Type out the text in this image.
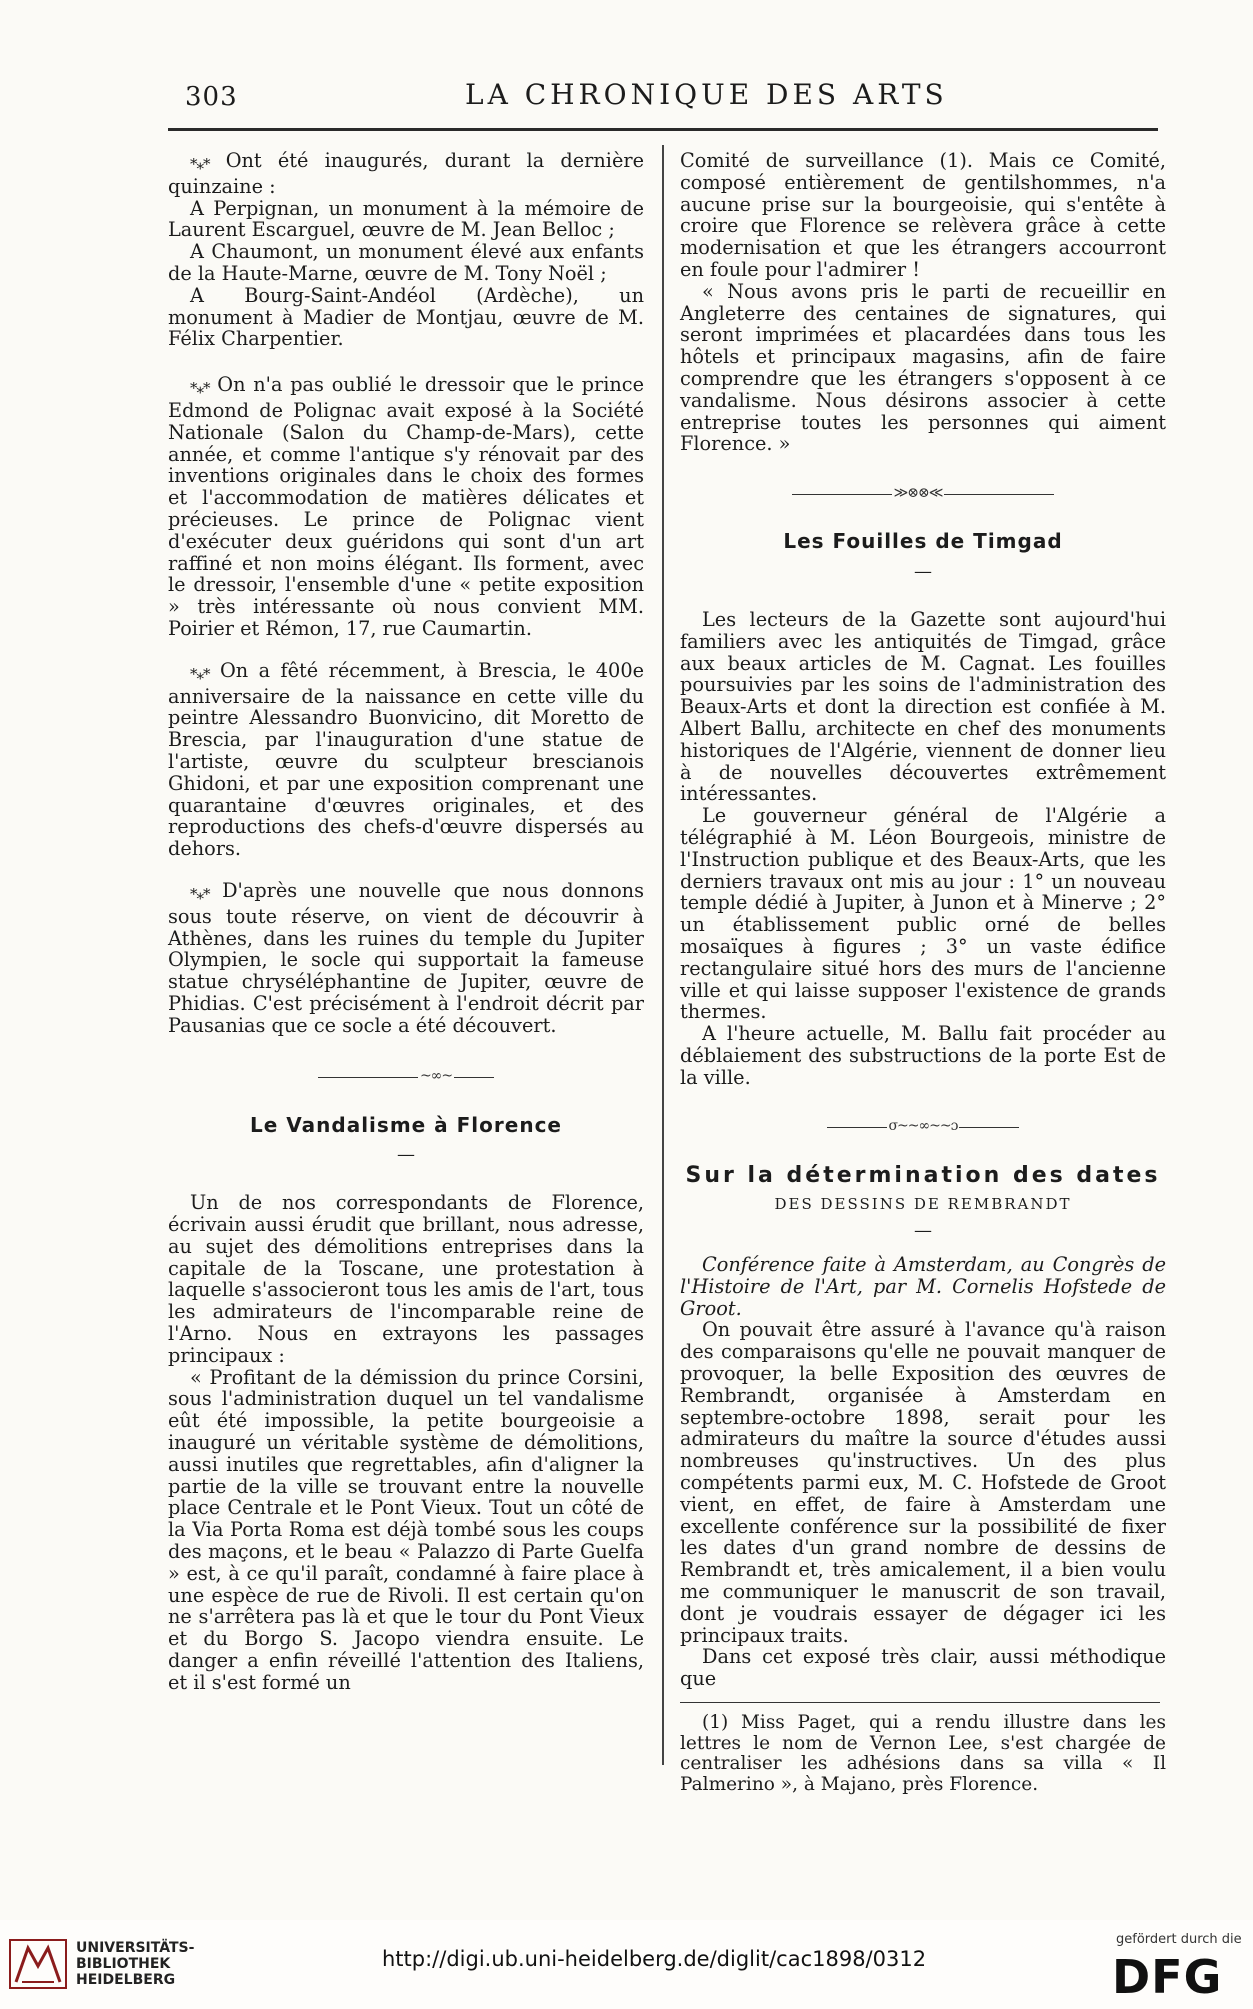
303	LA CHRONIQUE DES ARTS

*⁎* Ont été inaugurés, durant la dernière quinzaine :

A Perpignan, un monument à la mémoire de Laurent Escarguel, œuvre de M. Jean Belloc ;

A Chaumont, un monument élevé aux enfants de la Haute-Marne, œuvre de M. Tony Noël ;

A Bourg-Saint-Andéol (Ardèche), un monument à Madier de Montjau, œuvre de M. Félix Charpentier.

*⁎* On n'a pas oublié le dressoir que le prince Edmond de Polignac avait exposé à la Société Nationale (Salon du Champ-de-Mars), cette année, et comme l'antique s'y rénovait par des inventions originales dans le choix des formes et l'accommodation de matières délicates et précieuses. Le prince de Polignac vient d'exécuter deux guéridons qui sont d'un art raffiné et non moins élégant. Ils forment, avec le dressoir, l'ensemble d'une « petite exposition » très intéressante où nous convient MM. Poirier et Rémon, 17, rue Caumartin.

*⁎* On a fêté récemment, à Brescia, le 400e anniversaire de la naissance en cette ville du peintre Alessandro Buonvicino, dit Moretto de Brescia, par l'inauguration d'une statue de l'artiste, œuvre du sculpteur brescianois Ghidoni, et par une exposition comprenant une quarantaine d'œuvres originales, et des reproductions des chefs-d'œuvre dispersés au dehors.

*⁎* D'après une nouvelle que nous donnons sous toute réserve, on vient de découvrir à Athènes, dans les ruines du temple du Jupiter Olympien, le socle qui supportait la fameuse statue chryséléphantine de Jupiter, œuvre de Phidias. C'est précisément à l'endroit décrit par Pausanias que ce socle a été découvert.

~∞~
Le Vandalisme à Florence
—

Un de nos correspondants de Florence, écrivain aussi érudit que brillant, nous adresse, au sujet des démolitions entreprises dans la capitale de la Toscane, une protestation à laquelle s'associeront tous les amis de l'art, tous les admirateurs de l'incomparable reine de l'Arno. Nous en extrayons les passages principaux :

« Profitant de la démission du prince Corsini, sous l'administration duquel un tel vandalisme eût été impossible, la petite bourgeoisie a inauguré un véritable système de démolitions, aussi inutiles que regrettables, afin d'aligner la partie de la ville se trouvant entre la nouvelle place Centrale et le Pont Vieux. Tout un côté de la Via Porta Roma est déjà tombé sous les coups des maçons, et le beau « Palazzo di Parte Guelfa » est, à ce qu'il paraît, condamné à faire place à une espèce de rue de Rivoli. Il est certain qu'on ne s'arrêtera pas là et que le tour du Pont Vieux et du Borgo S. Jacopo viendra ensuite. Le danger a enfin réveillé l'attention des Italiens, et il s'est formé un

Comité de surveillance (1). Mais ce Comité, composé entièrement de gentilshommes, n'a aucune prise sur la bourgeoisie, qui s'entête à croire que Florence se relèvera grâce à cette modernisation et que les étrangers accourront en foule pour l'admirer !

« Nous avons pris le parti de recueillir en Angleterre des centaines de signatures, qui seront imprimées et placardées dans tous les hôtels et principaux magasins, afin de faire comprendre que les étrangers s'opposent à ce vandalisme. Nous désirons associer à cette entreprise toutes les personnes qui aiment Florence. »

≫⊗⊗≪
Les Fouilles de Timgad
—

Les lecteurs de la Gazette sont aujourd'hui familiers avec les antiquités de Timgad, grâce aux beaux articles de M. Cagnat. Les fouilles poursuivies par les soins de l'administration des Beaux-Arts et dont la direction est confiée à M. Albert Ballu, architecte en chef des monuments historiques de l'Algérie, viennent de donner lieu à de nouvelles découvertes extrêmement intéressantes.

Le gouverneur général de l'Algérie a télégraphié à M. Léon Bourgeois, ministre de l'Instruction publique et des Beaux-Arts, que les derniers travaux ont mis au jour : 1° un nouveau temple dédié à Jupiter, à Junon et à Minerve ; 2° un établissement public orné de belles mosaïques à figures ; 3° un vaste édifice rectangulaire situé hors des murs de l'ancienne ville et qui laisse supposer l'existence de grands thermes.

A l'heure actuelle, M. Ballu fait procéder au déblaiement des substructions de la porte Est de la ville.

σ~~∞~~ɔ
Sur la détermination des dates
DES DESSINS DE REMBRANDT
—

Conférence faite à Amsterdam, au Congrès de l'Histoire de l'Art, par M. Cornelis Hofstede de Groot.

On pouvait être assuré à l'avance qu'à raison des comparaisons qu'elle ne pouvait manquer de provoquer, la belle Exposition des œuvres de Rembrandt, organisée à Amsterdam en septembre-octobre 1898, serait pour les admirateurs du maître la source d'études aussi nombreuses qu'instructives. Un des plus compétents parmi eux, M. C. Hofstede de Groot vient, en effet, de faire à Amsterdam une excellente conférence sur la possibilité de fixer les dates d'un grand nombre de dessins de Rembrandt et, très amicalement, il a bien voulu me communiquer le manuscrit de son travail, dont je voudrais essayer de dégager ici les principaux traits.

Dans cet exposé très clair, aussi méthodique que

(1) Miss Paget, qui a rendu illustre dans les lettres le nom de Vernon Lee, s'est chargée de centraliser les adhésions dans sa villa « Il Palmerino », à Majano, près Florence.

UNIVERSITÄTS-
BIBLIOTHEK
HEIDELBERG
http://digi.ub.uni-heidelberg.de/diglit/cac1898/0312
gefördert durch die
DFG
